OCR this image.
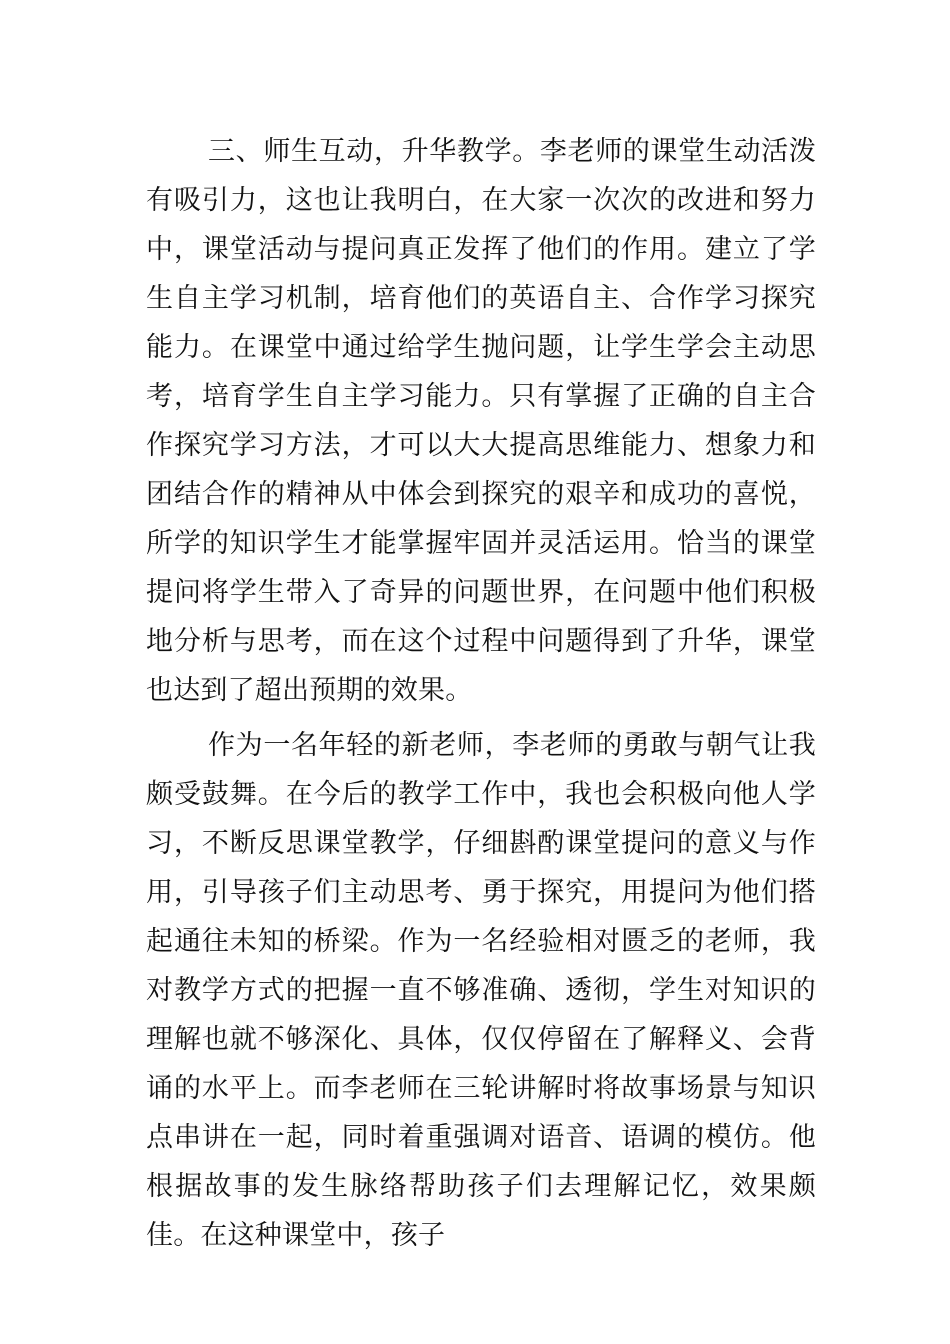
三、师生互动，升华教学。李老师的课堂生动活泼有吸引力，这也让我明白，在大家一次次的改进和努力中，课堂活动与提问真正发挥了他们的作用。建立了学生自主学习机制，培育他们的英语自主、合作学习探究能力。在课堂中通过给学生抛问题，让学生学会主动思考，培育学生自主学习能力。只有掌握了正确的自主合作探究学习方法，才可以大大提高思维能力、想象力和团结合作的精神从中体会到探究的艰辛和成功的喜悦，所学的知识学生才能掌握牢固并灵活运用。恰当的课堂提问将学生带入了奇异的问题世界，在问题中他们积极地分析与思考，而在这个过程中问题得到了升华，课堂也达到了超出预期的效果。

作为一名年轻的新老师，李老师的勇敢与朝气让我颇受鼓舞。在今后的教学工作中，我也会积极向他人学习，不断反思课堂教学，仔细斟酌课堂提问的意义与作用，引导孩子们主动思考、勇于探究，用提问为他们搭起通往未知的桥梁。作为一名经验相对匮乏的老师，我对教学方式的把握一直不够准确、透彻，学生对知识的理解也就不够深化、具体，仅仅停留在了解释义、会背诵的水平上。而李老师在三轮讲解时将故事场景与知识点串讲在一起，同时着重强调对语音、语调的模仿。他根据故事的发生脉络帮助孩子们去理解记忆，效果颇佳。在这种课堂中，孩子
